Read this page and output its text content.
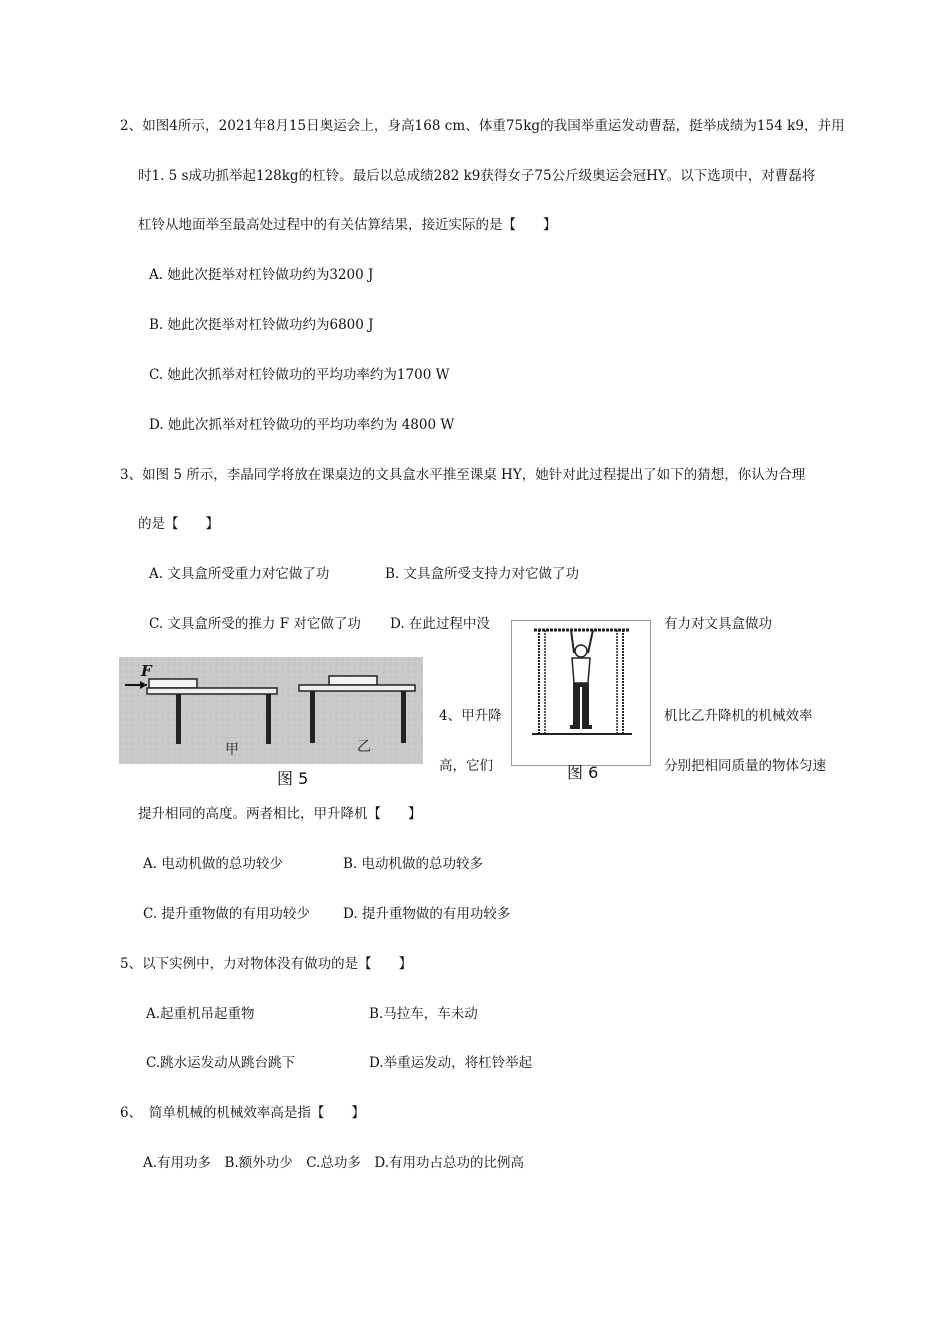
2、如图4所示，2021年8月15日奥运会上，身高168 cm、体重75kg的我国举重运发动曹磊，挺举成绩为154 k9，并用
时1. 5 s成功抓举起128kg的杠铃。最后以总成绩282 k9获得女子75公斤级奥运会冠HY。以下选项中，对曹磊将
杠铃从地面举至最高处过程中的有关估算结果，接近实际的是【　　】
A. 她此次挺举对杠铃做功约为3200 J
B. 她此次挺举对杠铃做功约为6800 J
C. 她此次抓举对杠铃做功的平均功率约为1700 W
D. 她此次抓举对杠铃做功的平均功率约为 4800 W
3、如图 5 所示，李晶同学将放在课桌边的文具盒水平推至课桌 HY，她针对此过程提出了如下的猜想，你认为合理
的是【　　】
A. 文具盒所受重力对它做了功	B. 文具盒所受支持力对它做了功
C. 文具盒所受的推力 F 对它做了功 D. 在此过程中没	有力对文具盒做功
F
甲	乙
图 5
4、甲升降	机比乙升降机的机械效率
高，它们	分别把相同质量的物体匀速
图 6
提升相同的高度。两者相比，甲升降机【　　】
A. 电动机做的总功较少	B. 电动机做的总功较多
C. 提升重物做的有用功较少 D. 提升重物做的有用功较多
5、以下实例中，力对物体没有做功的是【　　】
A.起重机吊起重物	B.马拉车，车未动
C.跳水运发动从跳台跳下	D.举重运发动，将杠铃举起
6、　简单机械的机械效率高是指【　　】
A.有用功多　B.额外功少　C.总功多　D.有用功占总功的比例高
